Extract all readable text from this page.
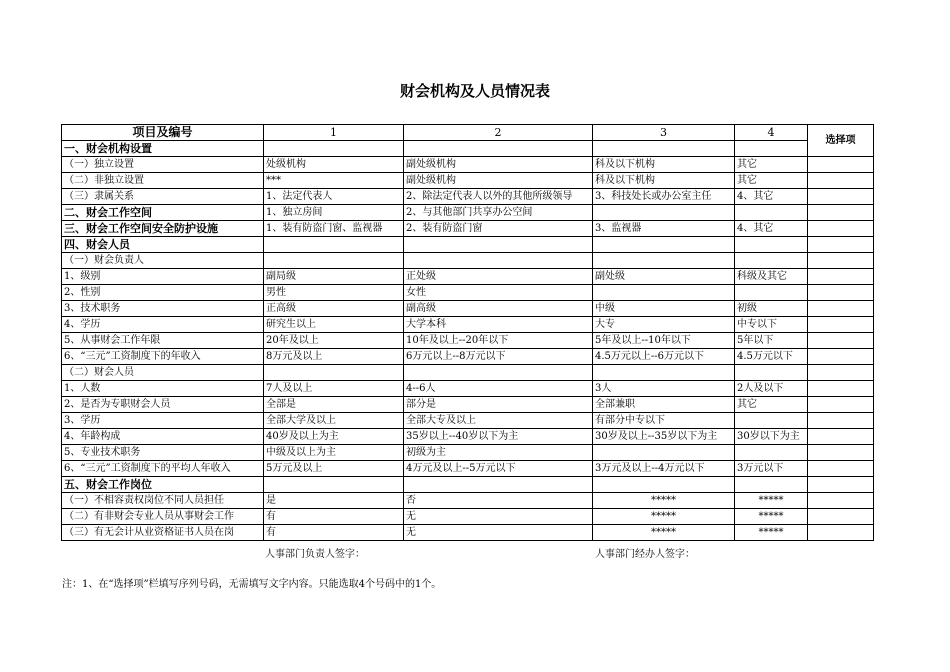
财会机构及人员情况表
项目及编号	1	2	3	4	选择项
一、财会机构设置					
（一）独立设置	处级机构	副处级机构	科及以下机构	其它	
（二）非独立设置	***	副处级机构	科及以下机构	其它	
（三）隶属关系	1、法定代表人	2、除法定代表人以外的其他所级领导	3、科技处长或办公室主任	4、其它	
二、财会工作空间	1、独立房间	2、与其他部门共享办公空间			
三、财会工作空间安全防护设施	1、装有防盗门窗、监视器	2、装有防盗门窗	3、监视器	4、其它	
四、财会人员					
（一）财会负责人					
1、级别	副局级	正处级	副处级	科级及其它	
2、性别	男性	女性			
3、技术职务	正高级	副高级	中级	初级	
4、学历	研究生以上	大学本科	大专	中专以下	
5、从事财会工作年限	20年及以上	10年及以上--20年以下	5年及以上--10年以下	5年以下	
6、“三元”工资制度下的年收入	8万元及以上	6万元以上--8万元以下	4.5万元以上--6万元以下	4.5万元以下	
（二）财会人员					
1、人数	7人及以上	4--6人	3人	2人及以下	
2、是否为专职财会人员	全部是	部分是	全部兼职	其它	
3、学历	全部大学及以上	全部大专及以上	有部分中专以下		
4、年龄构成	40岁及以上为主	35岁以上--40岁以下为主	30岁及以上--35岁以下为主	30岁以下为主	
5、专业技术职务	中级及以上为主	初级为主			
6、“三元”工资制度下的平均人年收入	5万元及以上	4万元及以上--5万元以下	3万元及以上--4万元以下	3万元以下	
五、财会工作岗位					
（一）不相容责权岗位不同人员担任	是	否	*****	*****	
（二）有非财会专业人员从事财会工作	有	无	*****	*****	
（三）有无会计从业资格证书人员在岗	有	无	*****	*****	
人事部门负责人签字：	人事部门经办人签字：
注：1、在“选择项”栏填写序列号码，无需填写文字内容。只能选取4个号码中的1个。
